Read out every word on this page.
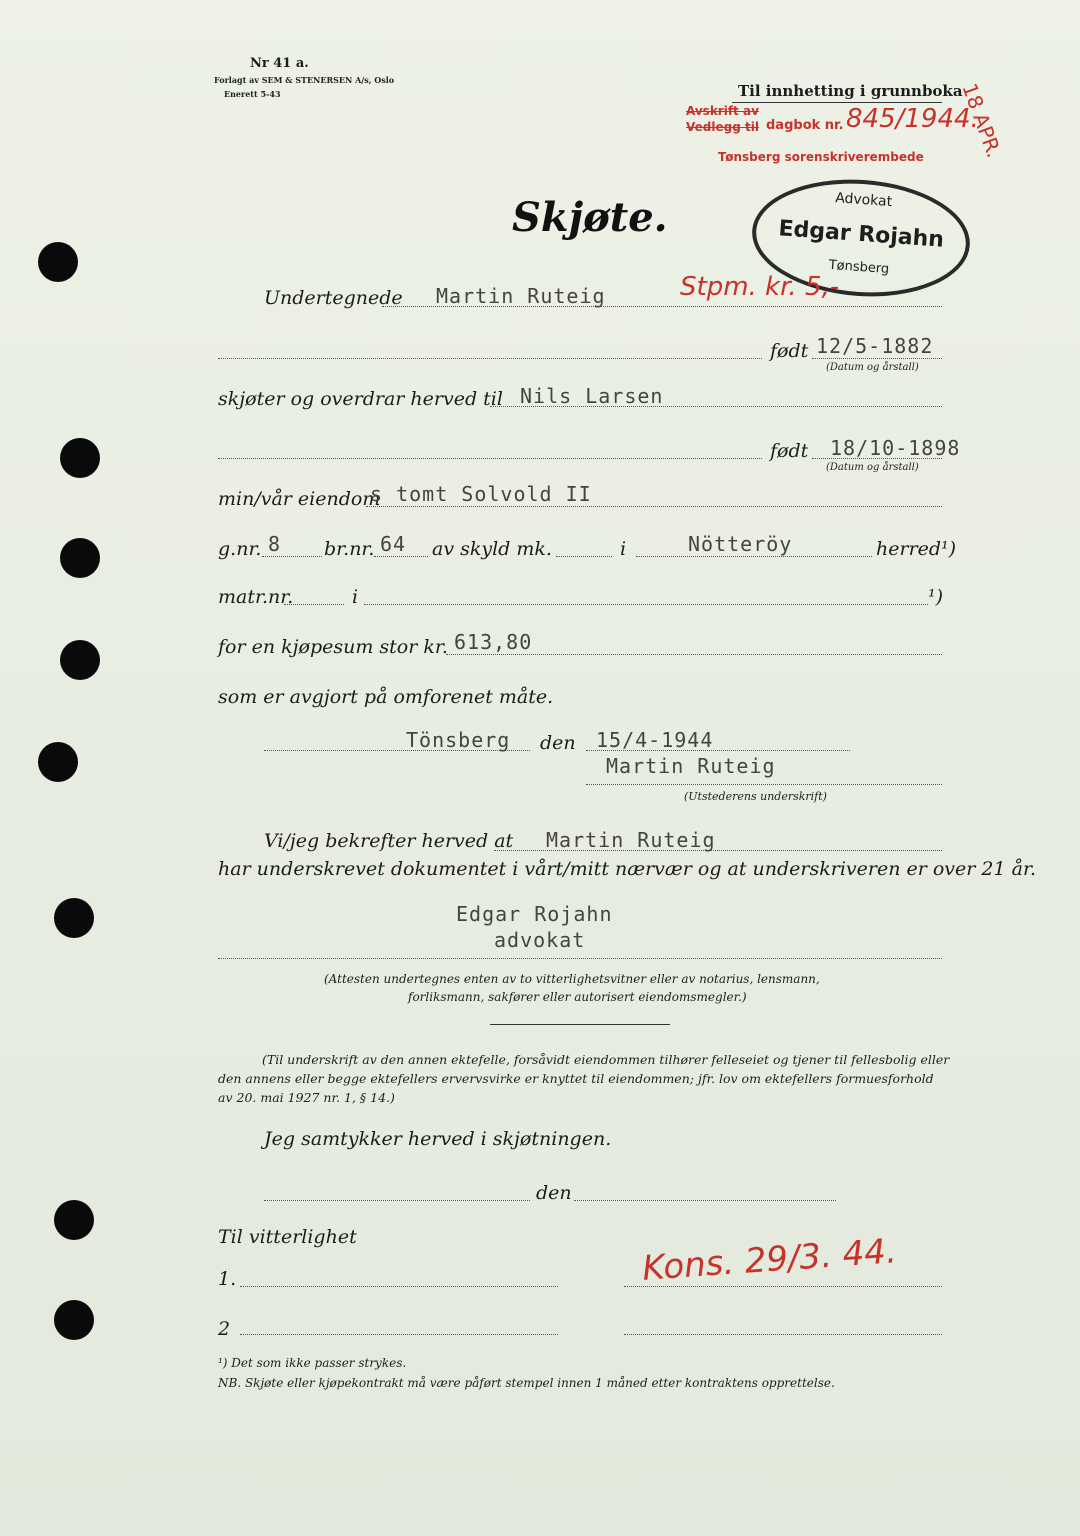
Nr 41 a.
Forlagt av SEM & STENERSEN A/s, Oslo
Enerett 5-43	Til innhetting i grunnboka
Avskrift av
Vedlegg til dagbok nr. 845/1944.
Tønsberg sorenskriverembede 18 APR.
Advokat
Edgar Rojahn
Tønsberg
Skjøte.
Undertegnede Martin Ruteig	Stpm. kr. 5,-
født 12/5-1882
(Datum og årstall)
skjøter og overdrar herved til Nils Larsen
født 18/10-1898
(Datum og årstall)
min/vår eiendom
s tomt Solvold II
g.nr. 8 br.nr. 64 av skyld mk.	i	Nötteröy	herred¹)
matr.nr.	i	¹)
for en kjøpesum stor kr. 613,80
som er avgjort på omforenet måte.
Tönsberg den 15/4-1944
Martin Ruteig
(Utstederens underskrift)
Vi/jeg bekrefter herved at Martin Ruteig
har underskrevet dokumentet i vårt/mitt nærvær og at underskriveren er over 21 år.
Edgar Rojahn
advokat
(Attesten undertegnes enten av to vitterlighetsvitner eller av notarius, lensmann,
forliksmann, sakfører eller autorisert eiendomsmegler.)
(Til underskrift av den annen ektefelle, forsåvidt eiendommen tilhører felleseiet og tjener til fellesbolig eller
den annens eller begge ektefellers ervervsvirke er knyttet til eiendommen; jfr. lov om ektefellers formuesforhold
av 20. mai 1927 nr. 1, § 14.)
Jeg samtykker herved i skjøtningen.
den
Til vitterlighet
1.	Kons. 29/3. 44.
2
¹) Det som ikke passer strykes.
NB. Skjøte eller kjøpekontrakt må være påført stempel innen 1 måned etter kontraktens opprettelse.
